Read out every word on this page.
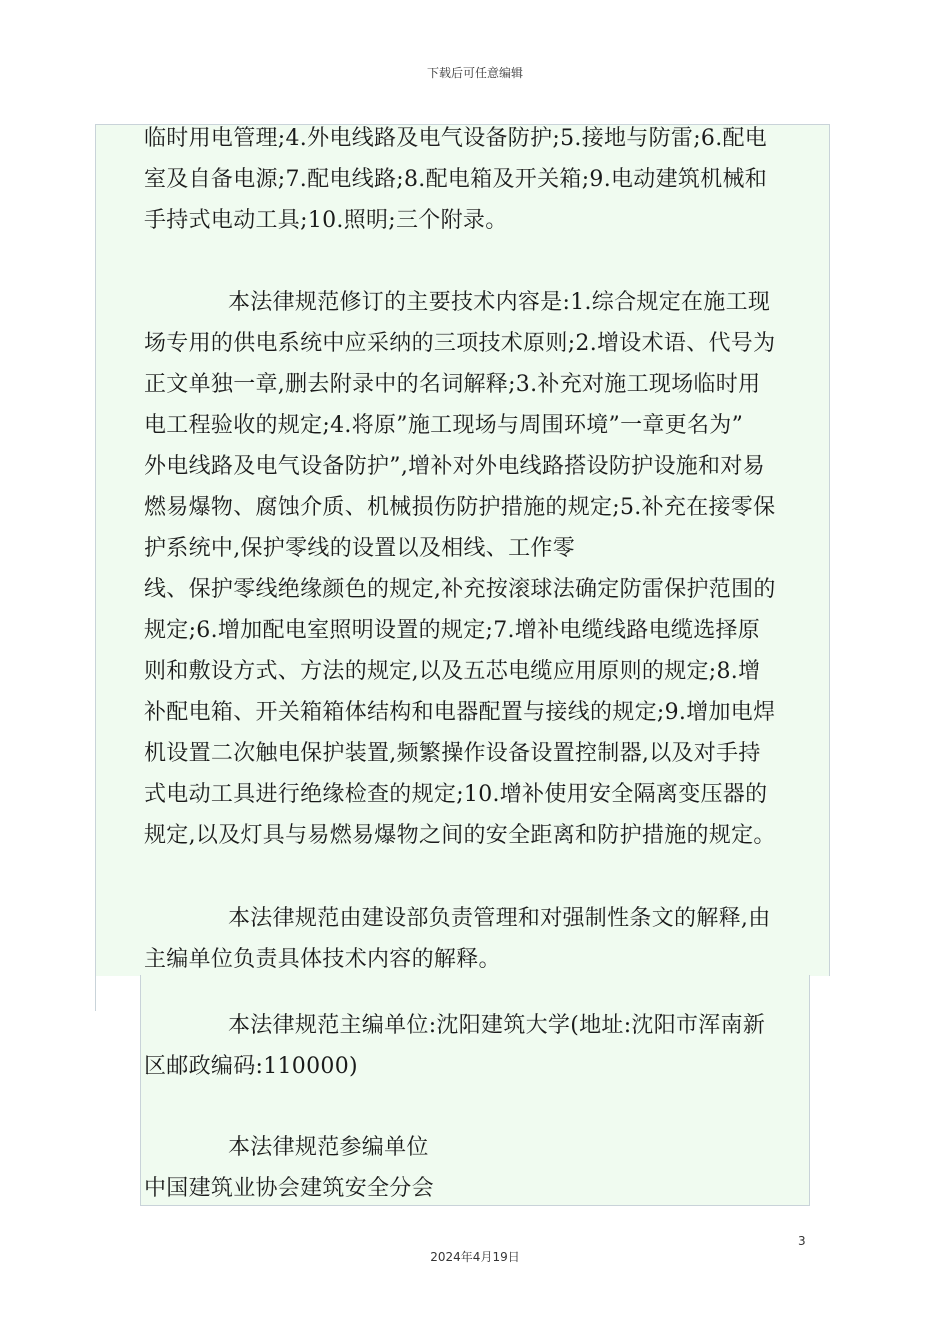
下载后可任意编辑
临时用电管理;4.外电线路及电气设备防护;5.接地与防雷;6.配电
室及自备电源;7.配电线路;8.配电箱及开关箱;9.电动建筑机械和
手持式电动工具;10.照明;三个附录。
本法律规范修订的主要技术内容是:1.综合规定在施工现
场专用的供电系统中应采纳的三项技术原则;2.增设术语、代号为
正文单独一章,删去附录中的名词解释;3.补充对施工现场临时用
电工程验收的规定;4.将原”施工现场与周围环境”一章更名为”
外电线路及电气设备防护”,增补对外电线路搭设防护设施和对易
燃易爆物、腐蚀介质、机械损伤防护措施的规定;5.补充在接零保
护系统中,保护零线的设置以及相线、工作零
线、保护零线绝缘颜色的规定,补充按滚球法确定防雷保护范围的
规定;6.增加配电室照明设置的规定;7.增补电缆线路电缆选择原
则和敷设方式、方法的规定,以及五芯电缆应用原则的规定;8.增
补配电箱、开关箱箱体结构和电器配置与接线的规定;9.增加电焊
机设置二次触电保护装置,频繁操作设备设置控制器,以及对手持
式电动工具进行绝缘检查的规定;10.增补使用安全隔离变压器的
规定,以及灯具与易燃易爆物之间的安全距离和防护措施的规定。
本法律规范由建设部负责管理和对强制性条文的解释,由
主编单位负责具体技术内容的解释。
本法律规范主编单位:沈阳建筑大学(地址:沈阳市浑南新
区邮政编码:110000)
本法律规范参编单位
中国建筑业协会建筑安全分会
3
2024年4月19日
